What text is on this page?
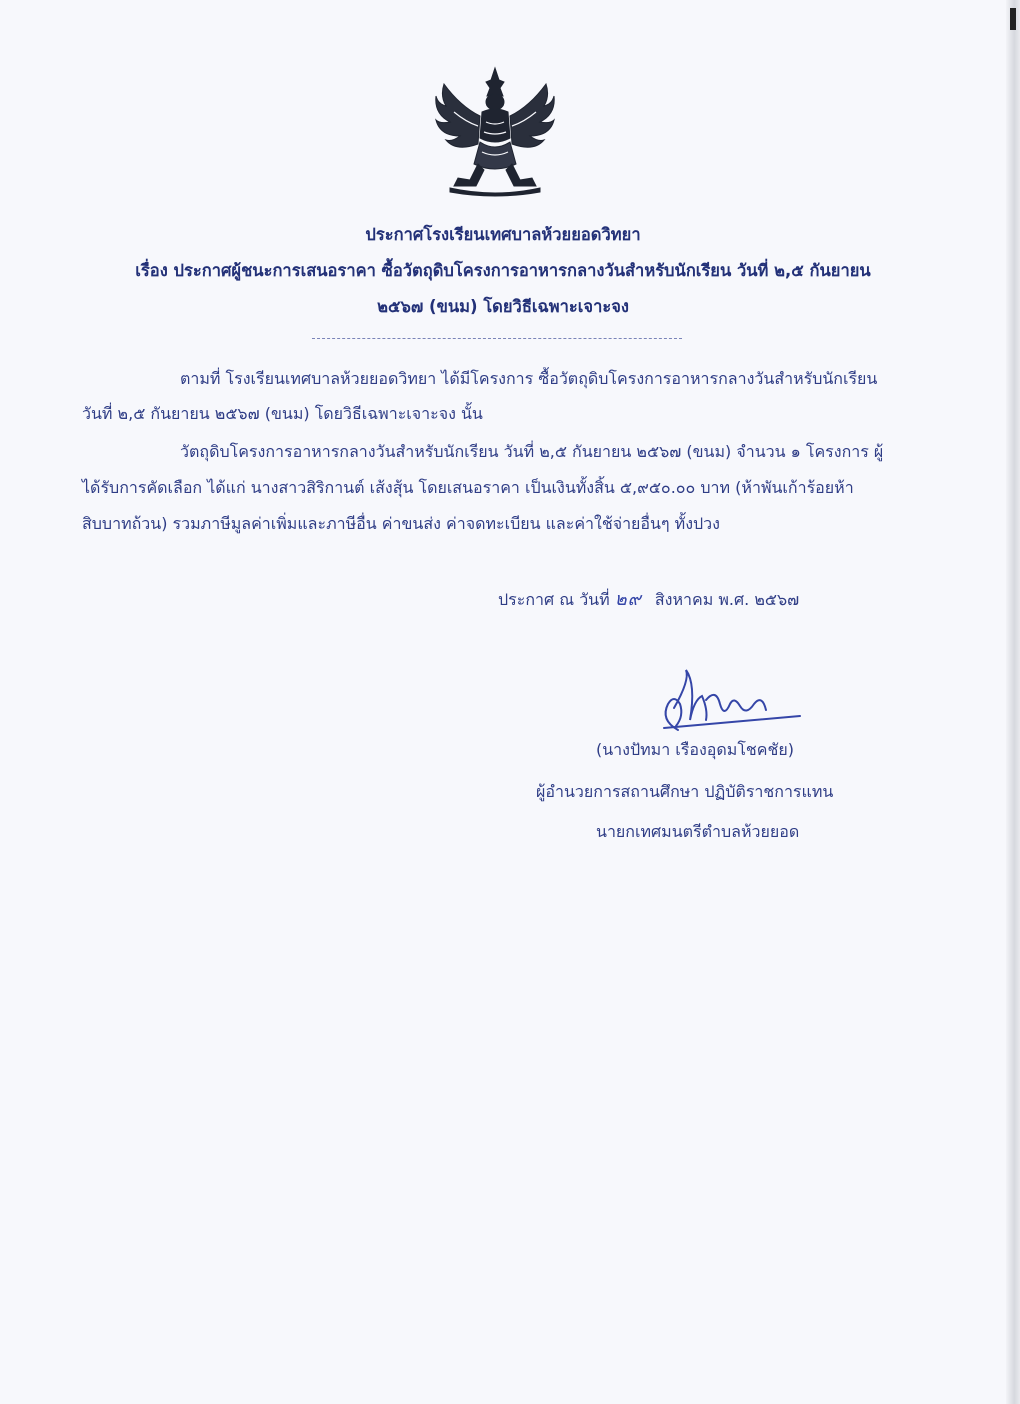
ประกาศโรงเรียนเทศบาลห้วยยอดวิทยา
เรื่อง ประกาศผู้ชนะการเสนอราคา ซื้อวัตถุดิบโครงการอาหารกลางวันสำหรับนักเรียน วันที่ ๒,๕ กันยายน
๒๕๖๗ (ขนม) โดยวิธีเฉพาะเจาะจง
ตามที่ โรงเรียนเทศบาลห้วยยอดวิทยา ได้มีโครงการ ซื้อวัตถุดิบโครงการอาหารกลางวันสำหรับนักเรียน
วันที่ ๒,๕ กันยายน ๒๕๖๗ (ขนม) โดยวิธีเฉพาะเจาะจง นั้น
วัตถุดิบโครงการอาหารกลางวันสำหรับนักเรียน วันที่ ๒,๕ กันยายน ๒๕๖๗ (ขนม) จำนวน ๑ โครงการ ผู้
ได้รับการคัดเลือก ได้แก่ นางสาวสิริกานต์ เส้งสุ้น โดยเสนอราคา เป็นเงินทั้งสิ้น ๕,๙๕๐.๐๐ บาท (ห้าพันเก้าร้อยห้า
สิบบาทถ้วน) รวมภาษีมูลค่าเพิ่มและภาษีอื่น ค่าขนส่ง ค่าจดทะเบียน และค่าใช้จ่ายอื่นๆ ทั้งปวง
ประกาศ ณ วันที่ ๒๙ สิงหาคม พ.ศ. ๒๕๖๗
(นางปัทมา เรืองอุดมโชคชัย)
ผู้อำนวยการสถานศึกษา ปฏิบัติราชการแทน
นายกเทศมนตรีตำบลห้วยยอด
